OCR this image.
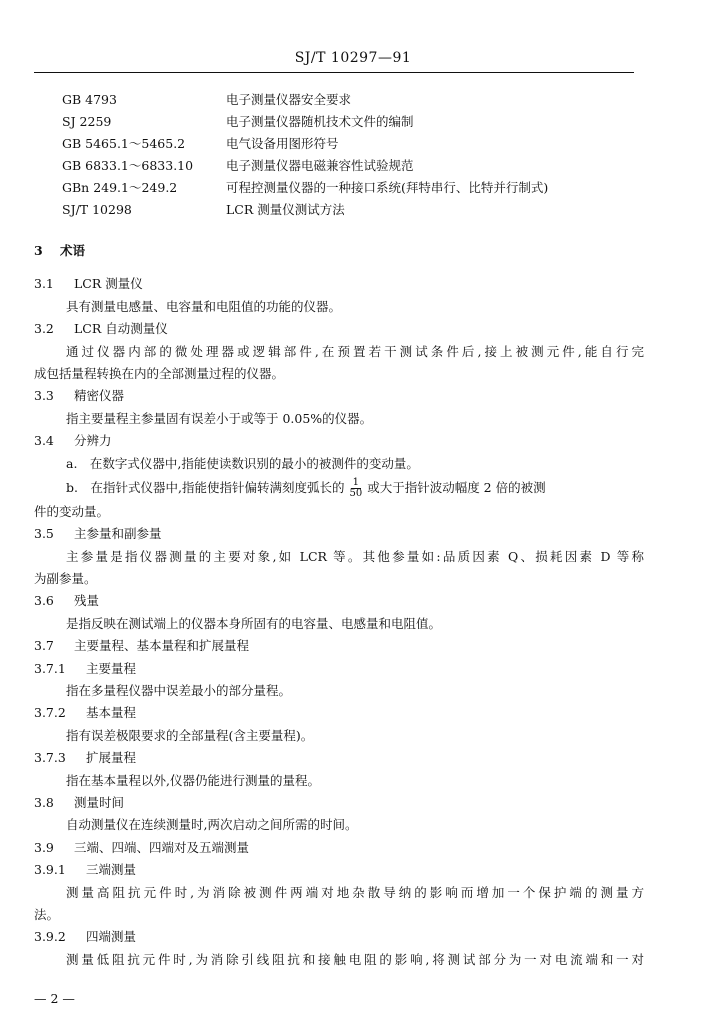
SJ/T 10297—91
GB 4793	电子测量仪器安全要求
SJ 2259	电子测量仪器随机技术文件的编制
GB 5465.1～5465.2	电气设备用图形符号
GB 6833.1～6833.10	电子测量仪器电磁兼容性试验规范
GBn 249.1～249.2	可程控测量仪器的一种接口系统(拜特串行、比特并行制式)
SJ/T 10298	LCR 测量仪测试方法
3 术语
3.1 LCR 测量仪
具有测量电感量、电容量和电阻值的功能的仪器。
3.2 LCR 自动测量仪
通过仪器内部的微处理器或逻辑部件,在预置若干测试条件后,接上被测元件,能自行完
成包括量程转换在内的全部测量过程的仪器。
3.3 精密仪器
指主要量程主参量固有误差小于或等于 0.05%的仪器。
3.4 分辨力
a.　在数字式仪器中,指能使读数识别的最小的被测件的变动量。
b.　在指针式仪器中,指能使指针偏转满刻度弧长的 $\frac{1}{50}$ 或大于指针波动幅度 2 倍的被测
件的变动量。
3.5 主参量和副参量
主参量是指仪器测量的主要对象,如 LCR 等。其他参量如:品质因素 Q、损耗因素 D 等称
为副参量。
3.6 残量
是指反映在测试端上的仪器本身所固有的电容量、电感量和电阻值。
3.7 主要量程、基本量程和扩展量程
3.7.1 主要量程
指在多量程仪器中误差最小的部分量程。
3.7.2 基本量程
指有误差极限要求的全部量程(含主要量程)。
3.7.3 扩展量程
指在基本量程以外,仪器仍能进行测量的量程。
3.8 测量时间
自动测量仪在连续测量时,两次启动之间所需的时间。
3.9 三端、四端、四端对及五端测量
3.9.1 三端测量
测量高阻抗元件时,为消除被测件两端对地杂散导纳的影响而增加一个保护端的测量方
法。
3.9.2 四端测量
测量低阻抗元件时,为消除引线阻抗和接触电阻的影响,将测试部分为一对电流端和一对
— 2 —
